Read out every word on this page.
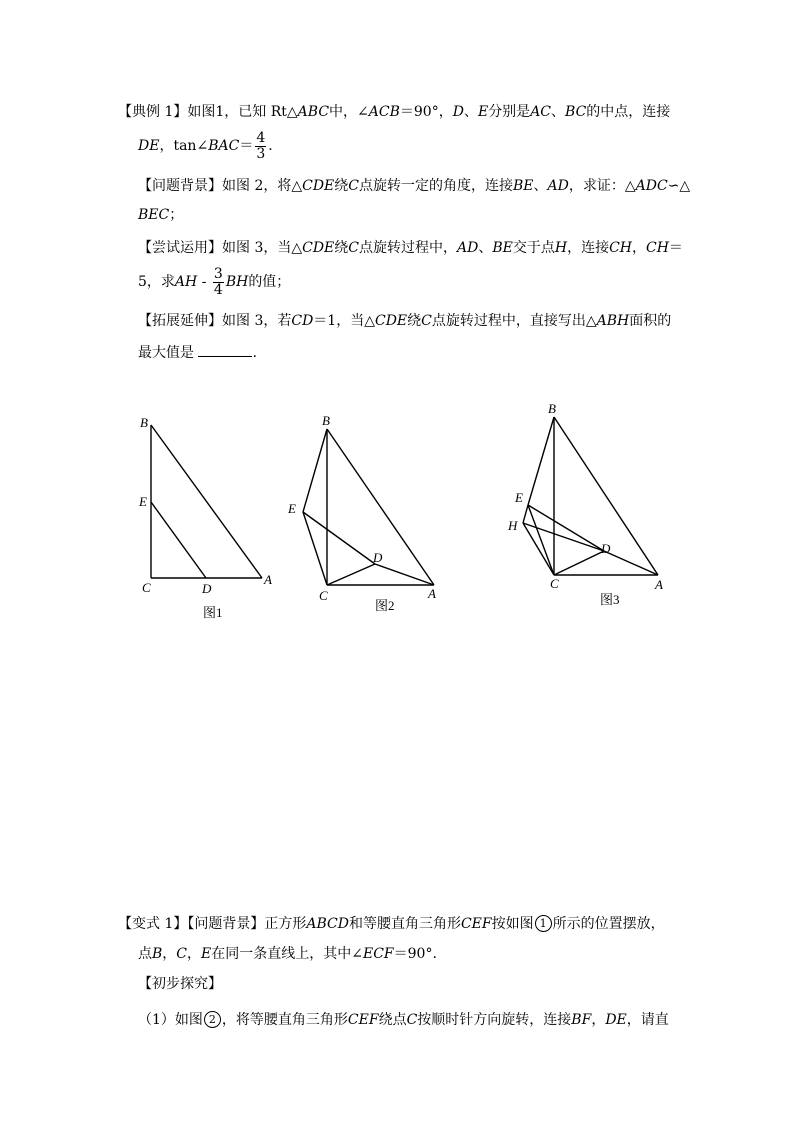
【典例 1】如图1，已知 Rt△ABC中，∠ACB＝90°，D、E分别是AC、BC的中点，连接
DE，tan∠BAC＝ $\frac{4}{3}$ .
【问题背景】如图 2，将△CDE绕C点旋转一定的角度，连接BE、AD，求证：△ADC∽△
BEC；
【尝试运用】如图 3，当△CDE绕C点旋转过程中，AD、BE交于点H，连接CH，CH＝
5，求AH - $\frac{3}{4}$ BH的值；
【拓展延伸】如图 3，若CD＝1，当△CDE绕C点旋转过程中，直接写出△ABH面积的
最大值是	.
B
E
C	D
A
图1
B
E
D
C	A
图2
B
E
H
D
C	A
图3
【变式 1】【问题背景】正方形ABCD和等腰直角三角形CEF按如图 1 所示的位置摆放，
点B，C，E在同一条直线上，其中∠ECF＝90°.
【初步探究】
（1）如图 2 ，将等腰直角三角形CEF绕点C按顺时针方向旋转，连接BF，DE，请直
